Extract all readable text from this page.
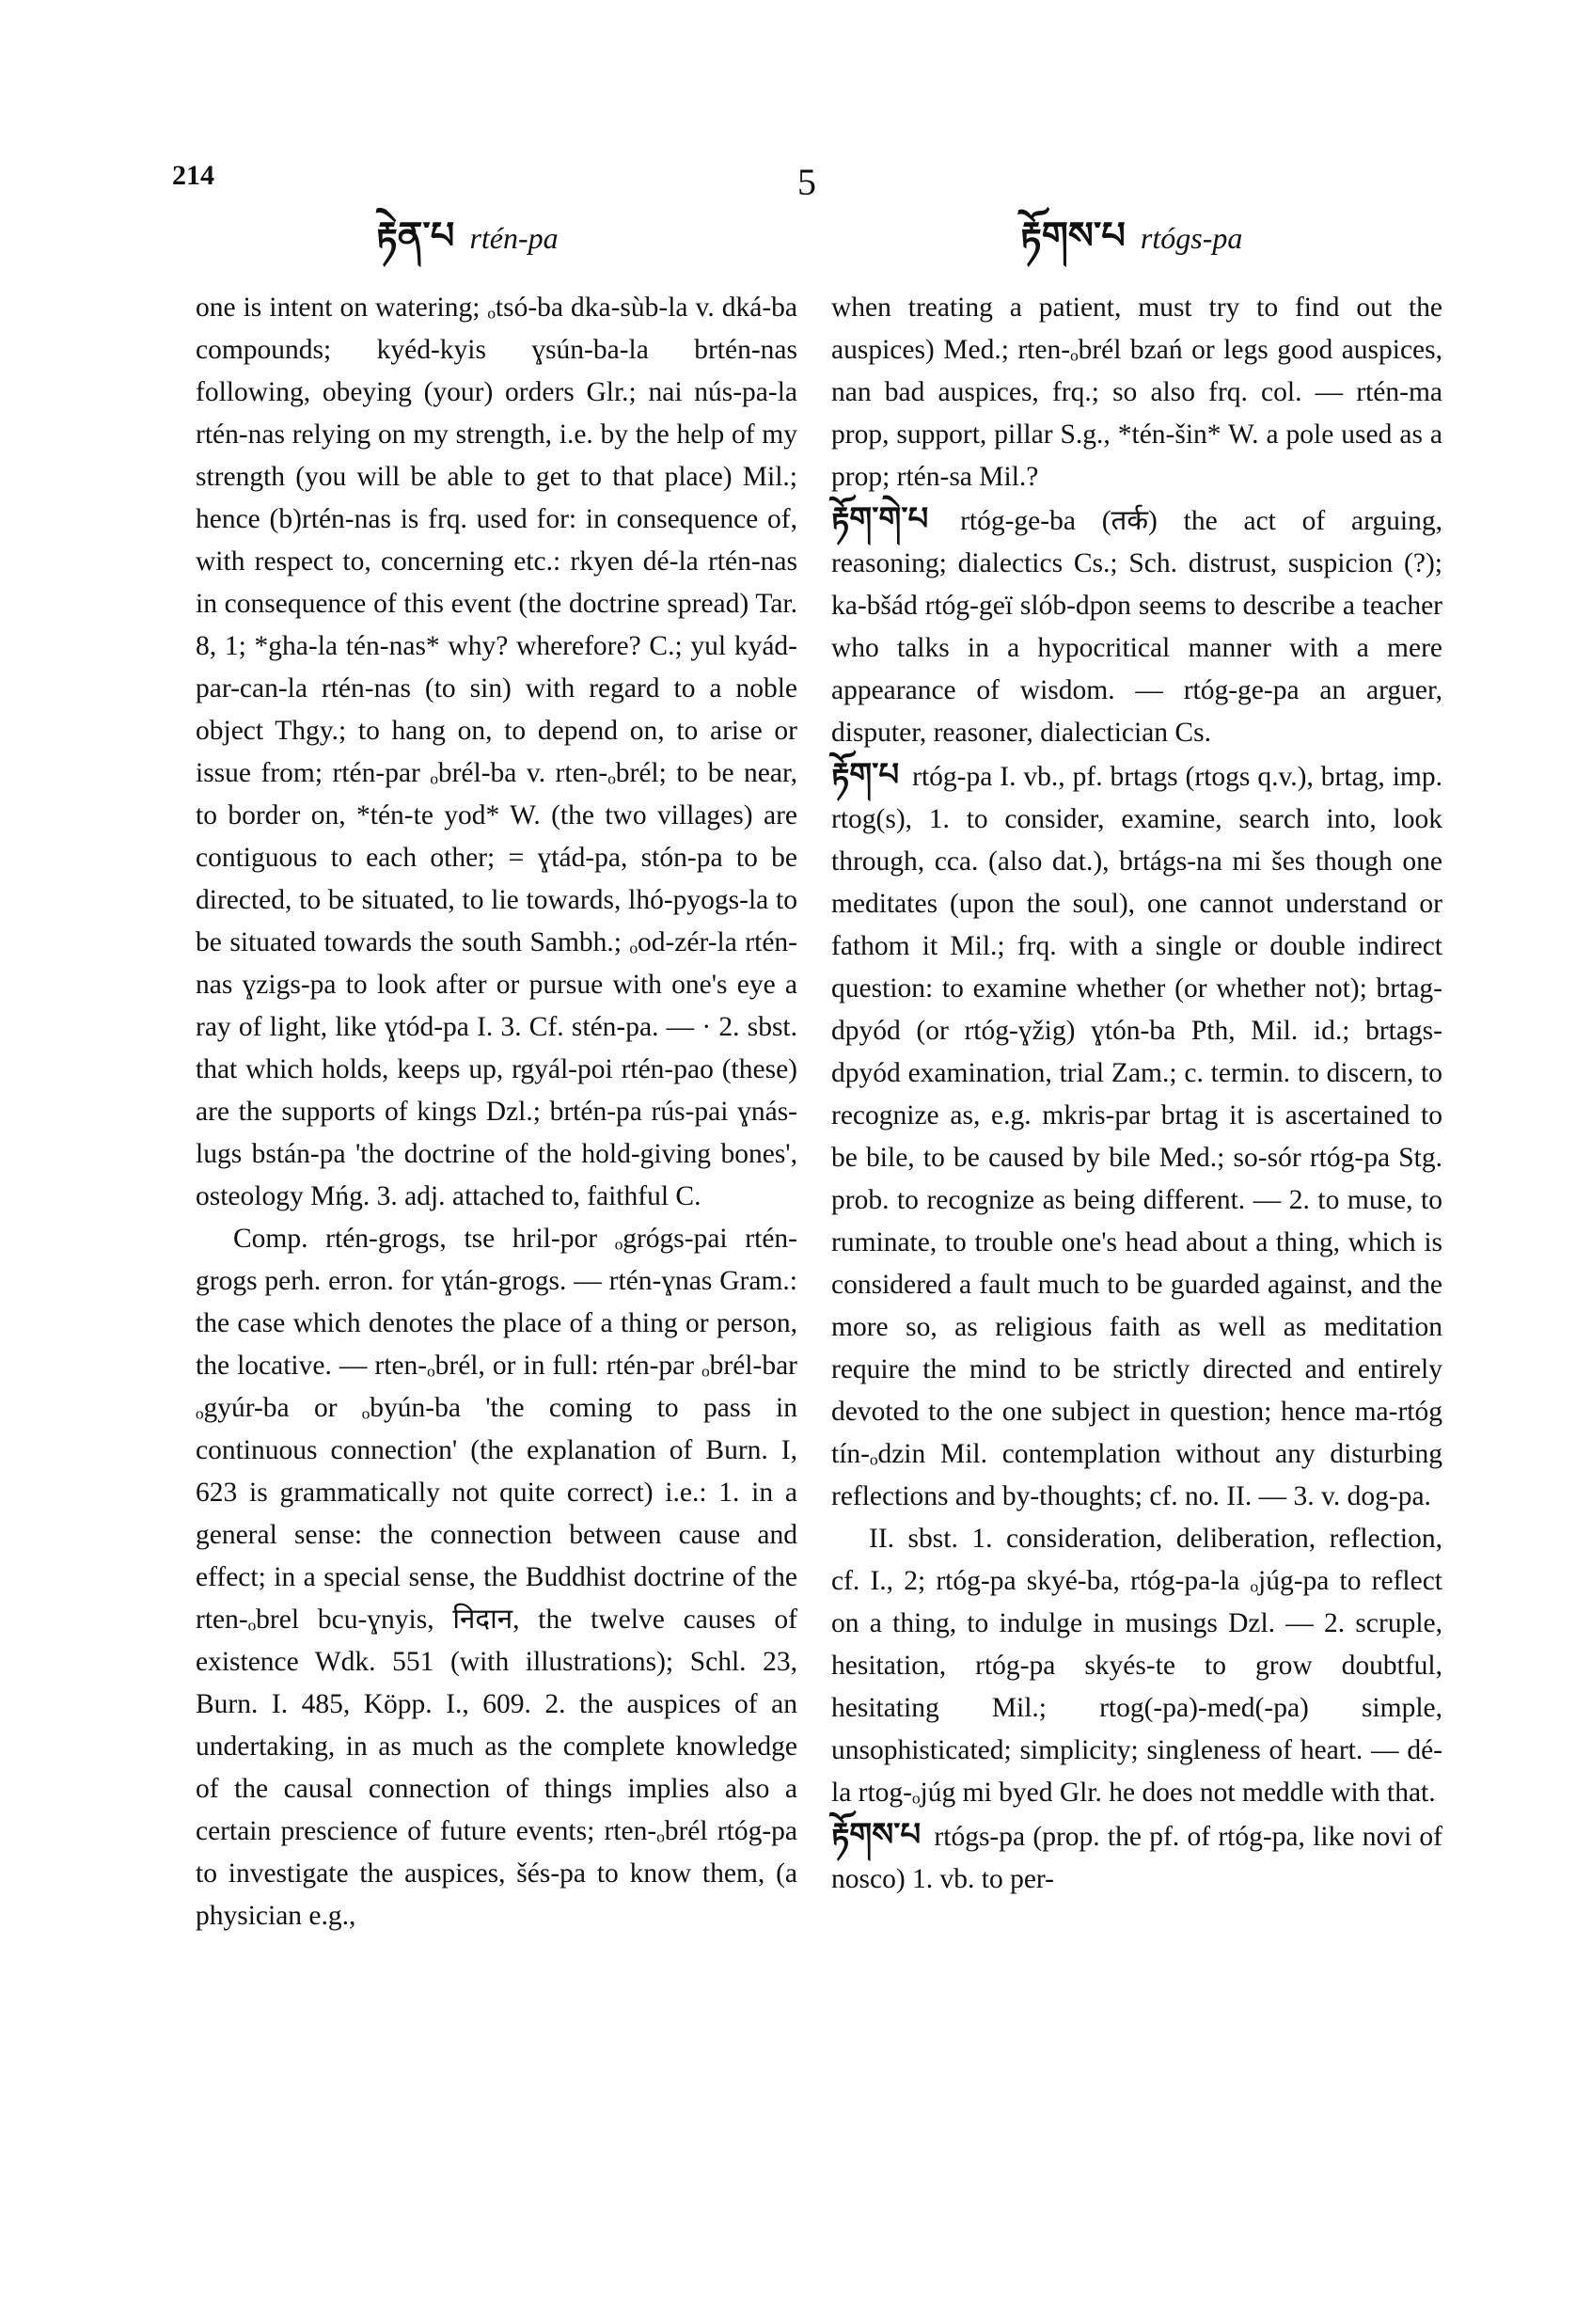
214
རྟེན་པ rtén-pa
5
རྟོགས་པ rtógs-pa

one is intent on watering; ₒtsó-ba dka-sùb-la v. dká-ba compounds; kyéd-kyis ɣsún-ba-la brtén-nas following, obeying (your) orders Glr.; nai nús-pa-la rtén-nas relying on my strength, i.e. by the help of my strength (you will be able to get to that place) Mil.; hence (b)rtén-nas is frq. used for: in consequence of, with respect to, concerning etc.: rkyen dé-la rtén-nas in consequence of this event (the doctrine spread) Tar. 8, 1; *gha-la tén-nas* why? wherefore? C.; yul kyád-par-can-la rtén-nas (to sin) with regard to a noble object Thgy.; to hang on, to depend on, to arise or issue from; rtén-par ₒbrél-ba v. rten-ₒbrél; to be near, to border on, *tén-te yod* W. (the two villages) are contiguous to each other; = ɣtád-pa, stón-pa to be directed, to be situated, to lie towards, lhó-pyogs-la to be situated towards the south Sambh.; ₒod-zér-la rtén-nas ɣzigs-pa to look after or pursue with one's eye a ray of light, like ɣtód-pa I. 3. Cf. stén-pa. — · 2. sbst. that which holds, keeps up, rgyál-poi rtén-pao (these) are the supports of kings Dzl.; brtén-pa rús-pai ɣnás-lugs bstán-pa 'the doctrine of the hold-giving bones', osteology Mńg. 3. adj. attached to, faithful C.

Comp. rtén-grogs, tse hril-por ₒgrógs-pai rtén-grogs perh. erron. for ɣtán-grogs. — rtén-ɣnas Gram.: the case which denotes the place of a thing or person, the locative. — rten-ₒbrél, or in full: rtén-par ₒbrél-bar ₒgyúr-ba or ₒbyún-ba 'the coming to pass in continuous connection' (the explanation of Burn. I, 623 is grammatically not quite correct) i.e.: 1. in a general sense: the connection between cause and effect; in a special sense, the Buddhist doctrine of the rten-ₒbrel bcu-ɣnyis, निदान, the twelve causes of existence Wdk. 551 (with illustrations); Schl. 23, Burn. I. 485, Köpp. I., 609. 2. the auspices of an undertaking, in as much as the complete knowledge of the causal connection of things implies also a certain prescience of future events; rten-ₒbrél rtóg-pa to investigate the auspices, šés-pa to know them, (a physician e.g.,

when treating a patient, must try to find out the auspices) Med.; rten-ₒbrél bzań or legs good auspices, nan bad auspices, frq.; so also frq. col. — rtén-ma prop, support, pillar S.g., *tén-šin* W. a pole used as a prop; rtén-sa Mil.?

རྟོག་གེ་པ rtóg-ge-ba (तर्क) the act of arguing, reasoning; dialectics Cs.; Sch. distrust, suspicion (?); ka-bšád rtóg-geï slób-dpon seems to describe a teacher who talks in a hypocritical manner with a mere appearance of wisdom. — rtóg-ge-pa an arguer, disputer, reasoner, dialectician Cs.

རྟོག་པ rtóg-pa I. vb., pf. brtags (rtogs q.v.), brtag, imp. rtog(s), 1. to consider, examine, search into, look through, cca. (also dat.), brtágs-na mi šes though one meditates (upon the soul), one cannot understand or fathom it Mil.; frq. with a single or double indirect question: to examine whether (or whether not); brtag-dpyód (or rtóg-ɣžig) ɣtón-ba Pth, Mil. id.; brtags-dpyód examination, trial Zam.; c. termin. to discern, to recognize as, e.g. mkris-par brtag it is ascertained to be bile, to be caused by bile Med.; so-sór rtóg-pa Stg. prob. to recognize as being different. — 2. to muse, to ruminate, to trouble one's head about a thing, which is considered a fault much to be guarded against, and the more so, as religious faith as well as meditation require the mind to be strictly directed and entirely devoted to the one subject in question; hence ma-rtóg tín-ₒdzin Mil. contemplation without any disturbing reflections and by-thoughts; cf. no. II. — 3. v. dog-pa.

II. sbst. 1. consideration, deliberation, reflection, cf. I., 2; rtóg-pa skyé-ba, rtóg-pa-la ₒjúg-pa to reflect on a thing, to indulge in musings Dzl. — 2. scruple, hesitation, rtóg-pa skyés-te to grow doubtful, hesitating Mil.; rtog(-pa)-med(-pa) simple, unsophisticated; simplicity; singleness of heart. — dé-la rtog-ₒjúg mi byed Glr. he does not meddle with that.

རྟོགས་པ rtógs-pa (prop. the pf. of rtóg-pa, like novi of nosco) 1. vb. to per-
